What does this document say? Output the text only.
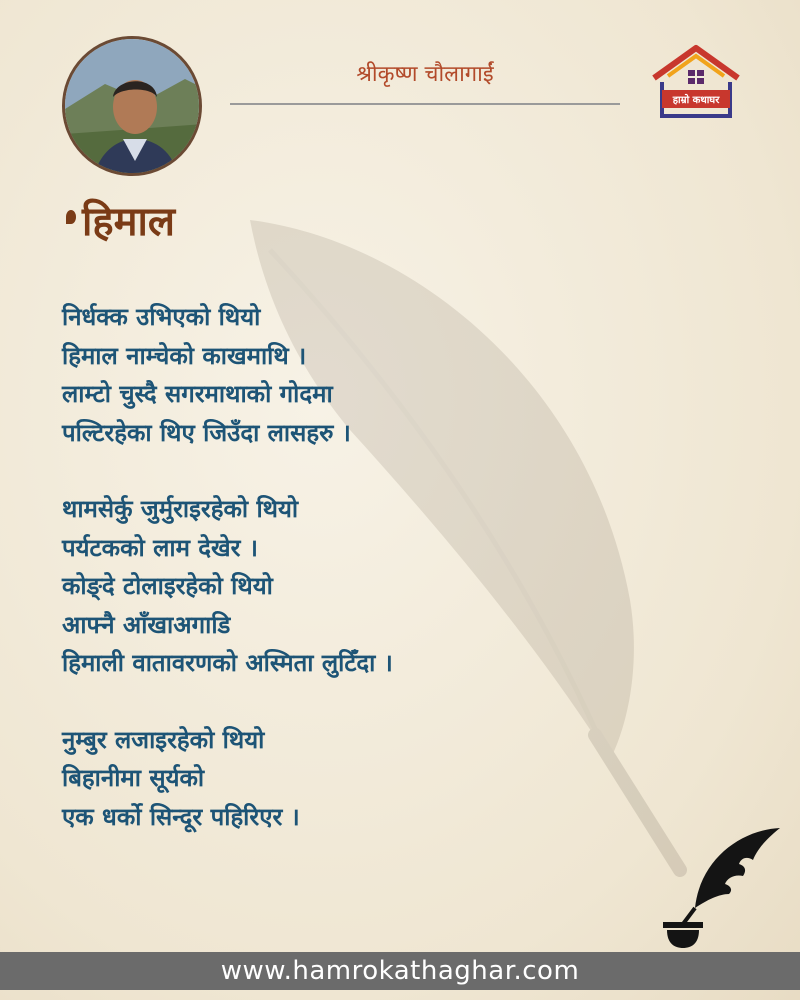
श्रीकृष्ण चौलागाईं
हाम्रो कथाघर
हिमाल
निर्धक्क उभिएको थियो
हिमाल नाम्चेको काखमाथि ।
लाम्टो चुस्दै सगरमाथाको गोदमा
पल्टिरहेका थिए जिउँदा लासहरु ।
थामसेर्कु जुर्मुराइरहेको थियो
पर्यटकको लाम देखेर ।
कोङ्दे टोलाइरहेको थियो
आफ्नै आँखाअगाडि
हिमाली वातावरणको अस्मिता लुटिँदा ।
नुम्बुर लजाइरहेको थियो
बिहानीमा सूर्यको
एक धर्को सिन्दूर पहिरिएर ।
www.hamrokathaghar.com
